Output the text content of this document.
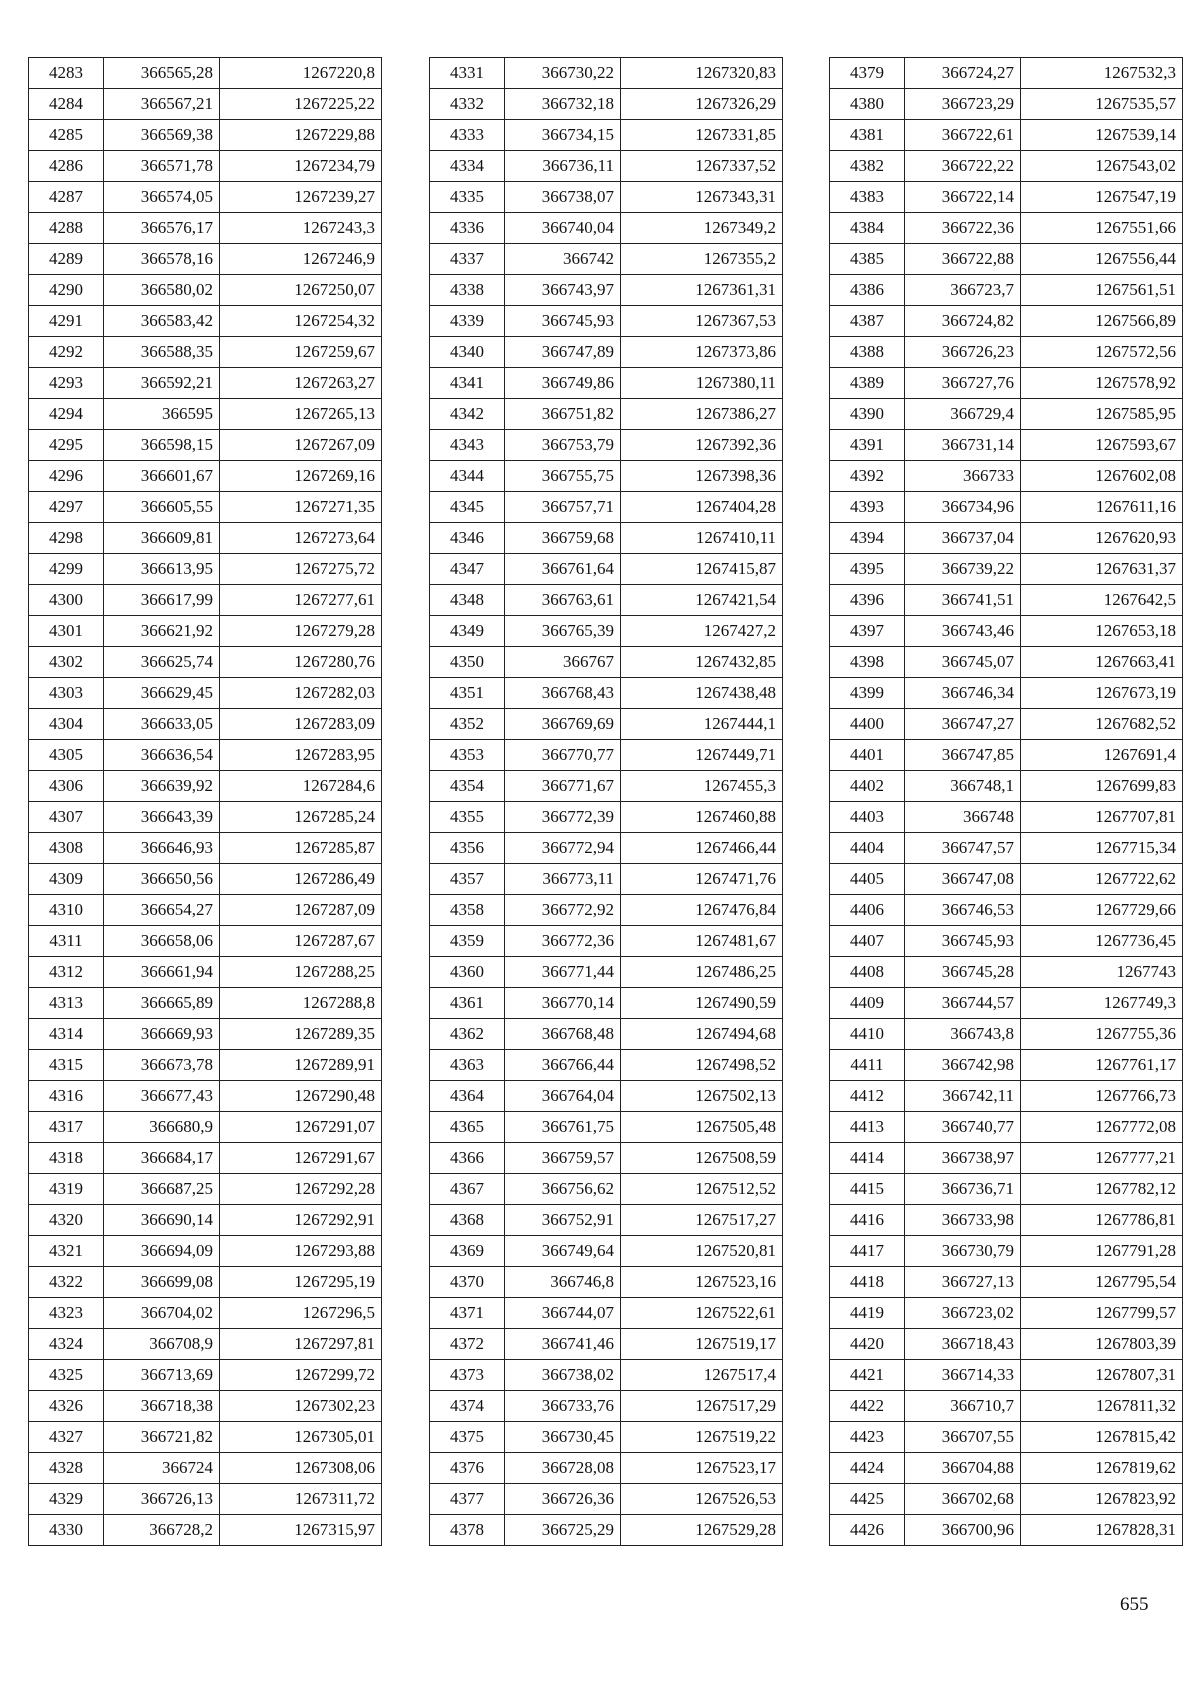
4283	366565,28	1267220,8
4284	366567,21	1267225,22
4285	366569,38	1267229,88
4286	366571,78	1267234,79
4287	366574,05	1267239,27
4288	366576,17	1267243,3
4289	366578,16	1267246,9
4290	366580,02	1267250,07
4291	366583,42	1267254,32
4292	366588,35	1267259,67
4293	366592,21	1267263,27
4294	366595	1267265,13
4295	366598,15	1267267,09
4296	366601,67	1267269,16
4297	366605,55	1267271,35
4298	366609,81	1267273,64
4299	366613,95	1267275,72
4300	366617,99	1267277,61
4301	366621,92	1267279,28
4302	366625,74	1267280,76
4303	366629,45	1267282,03
4304	366633,05	1267283,09
4305	366636,54	1267283,95
4306	366639,92	1267284,6
4307	366643,39	1267285,24
4308	366646,93	1267285,87
4309	366650,56	1267286,49
4310	366654,27	1267287,09
4311	366658,06	1267287,67
4312	366661,94	1267288,25
4313	366665,89	1267288,8
4314	366669,93	1267289,35
4315	366673,78	1267289,91
4316	366677,43	1267290,48
4317	366680,9	1267291,07
4318	366684,17	1267291,67
4319	366687,25	1267292,28
4320	366690,14	1267292,91
4321	366694,09	1267293,88
4322	366699,08	1267295,19
4323	366704,02	1267296,5
4324	366708,9	1267297,81
4325	366713,69	1267299,72
4326	366718,38	1267302,23
4327	366721,82	1267305,01
4328	366724	1267308,06
4329	366726,13	1267311,72
4330	366728,2	1267315,97
4331	366730,22	1267320,83
4332	366732,18	1267326,29
4333	366734,15	1267331,85
4334	366736,11	1267337,52
4335	366738,07	1267343,31
4336	366740,04	1267349,2
4337	366742	1267355,2
4338	366743,97	1267361,31
4339	366745,93	1267367,53
4340	366747,89	1267373,86
4341	366749,86	1267380,11
4342	366751,82	1267386,27
4343	366753,79	1267392,36
4344	366755,75	1267398,36
4345	366757,71	1267404,28
4346	366759,68	1267410,11
4347	366761,64	1267415,87
4348	366763,61	1267421,54
4349	366765,39	1267427,2
4350	366767	1267432,85
4351	366768,43	1267438,48
4352	366769,69	1267444,1
4353	366770,77	1267449,71
4354	366771,67	1267455,3
4355	366772,39	1267460,88
4356	366772,94	1267466,44
4357	366773,11	1267471,76
4358	366772,92	1267476,84
4359	366772,36	1267481,67
4360	366771,44	1267486,25
4361	366770,14	1267490,59
4362	366768,48	1267494,68
4363	366766,44	1267498,52
4364	366764,04	1267502,13
4365	366761,75	1267505,48
4366	366759,57	1267508,59
4367	366756,62	1267512,52
4368	366752,91	1267517,27
4369	366749,64	1267520,81
4370	366746,8	1267523,16
4371	366744,07	1267522,61
4372	366741,46	1267519,17
4373	366738,02	1267517,4
4374	366733,76	1267517,29
4375	366730,45	1267519,22
4376	366728,08	1267523,17
4377	366726,36	1267526,53
4378	366725,29	1267529,28
4379	366724,27	1267532,3
4380	366723,29	1267535,57
4381	366722,61	1267539,14
4382	366722,22	1267543,02
4383	366722,14	1267547,19
4384	366722,36	1267551,66
4385	366722,88	1267556,44
4386	366723,7	1267561,51
4387	366724,82	1267566,89
4388	366726,23	1267572,56
4389	366727,76	1267578,92
4390	366729,4	1267585,95
4391	366731,14	1267593,67
4392	366733	1267602,08
4393	366734,96	1267611,16
4394	366737,04	1267620,93
4395	366739,22	1267631,37
4396	366741,51	1267642,5
4397	366743,46	1267653,18
4398	366745,07	1267663,41
4399	366746,34	1267673,19
4400	366747,27	1267682,52
4401	366747,85	1267691,4
4402	366748,1	1267699,83
4403	366748	1267707,81
4404	366747,57	1267715,34
4405	366747,08	1267722,62
4406	366746,53	1267729,66
4407	366745,93	1267736,45
4408	366745,28	1267743
4409	366744,57	1267749,3
4410	366743,8	1267755,36
4411	366742,98	1267761,17
4412	366742,11	1267766,73
4413	366740,77	1267772,08
4414	366738,97	1267777,21
4415	366736,71	1267782,12
4416	366733,98	1267786,81
4417	366730,79	1267791,28
4418	366727,13	1267795,54
4419	366723,02	1267799,57
4420	366718,43	1267803,39
4421	366714,33	1267807,31
4422	366710,7	1267811,32
4423	366707,55	1267815,42
4424	366704,88	1267819,62
4425	366702,68	1267823,92
4426	366700,96	1267828,31
655
